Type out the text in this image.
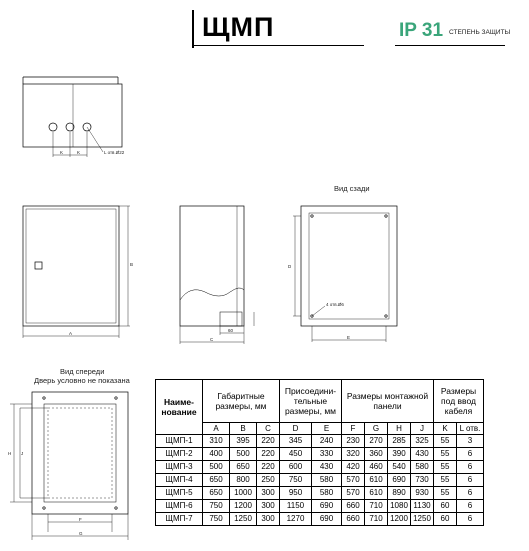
ЩМП	IP 31 СТЕПЕНЬ ЗАЩИТЫ
Вид сзади
Вид спереди
Дверь условно не показана
L отв.Ø22
4 отв.Ø6
A
B
C
60
D
E
K	K
F
G
H J
Наиме- нование	Габаритные размеры, мм			Присоедини- тельные размеры, мм		Размеры монтажной панели				Размеры под ввод кабеля	
	A	B	C	D	E	F	G	H	J	K	L отв.
ЩМП-1	310	395	220	345	240	230	270	285	325	55	3
ЩМП-2	400	500	220	450	330	320	360	390	430	55	6
ЩМП-3	500	650	220	600	430	420	460	540	580	55	6
ЩМП-4	650	800	250	750	580	570	610	690	730	55	6
ЩМП-5	650	1000	300	950	580	570	610	890	930	55	6
ЩМП-6	750	1200	300	1150	690	660	710	1080	1130	60	6
ЩМП-7	750	1250	300	1270	690	660	710	1200	1250	60	6
